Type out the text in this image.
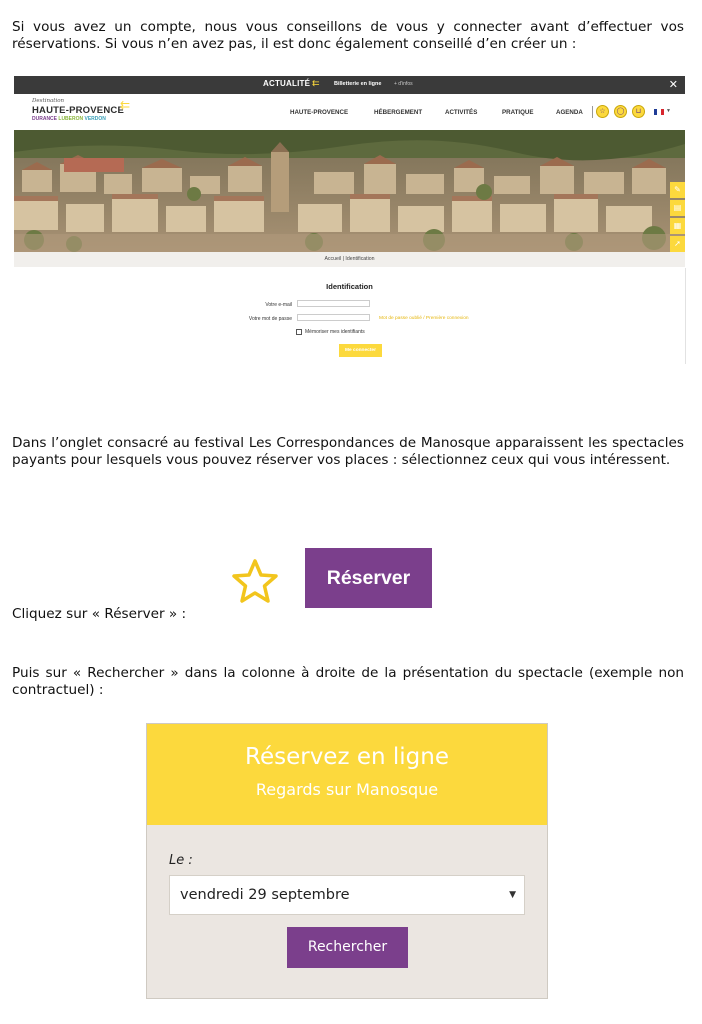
Si vous avez un compte, nous vous conseillons de vous y connecter avant d’effectuer vos réservations. Si vous n’en avez pas, il est donc également conseillé d’en créer un :

ACTUALITÉ ⇇	Billetterie en ligne	+ d'infos	✕
Destination
HAUTE-PROVENCE
DURANCE LUBERON VERDON
⇇
HAUTE-PROVENCE	HÉBERGEMENT	ACTIVITÉS	PRATIQUE	AGENDA	☆	◯	⊔	▼
✎
▤
▦
➚
Accueil | Identification
Identification
Votre e-mail
Votre mot de passe	Mot de passe oublié / Première connexion
Mémoriser mes identifiants
Me connecter

Dans l’onglet consacré au festival Les Correspondances de Manosque apparaissent les spectacles payants pour lesquels vous pouvez réserver vos places : sélectionnez ceux qui vous intéressent.

Réserver

Cliquez sur « Réserver » :

Puis sur « Rechercher » dans la colonne à droite de la présentation du spectacle (exemple non contractuel) :

Réservez en ligne
Regards sur Manosque
Le :
vendredi 29 septembre	▼
Rechercher
